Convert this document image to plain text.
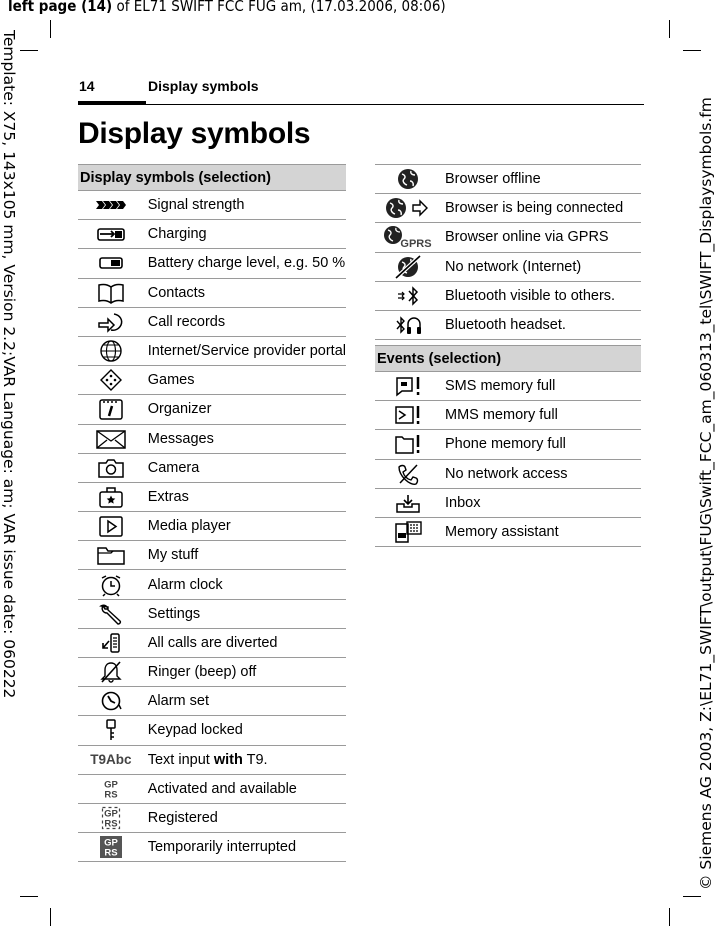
left page (14) of EL71 SWIFT FCC FUG am, (17.03.2006, 08:06)
Template: X75, 143x105 mm, Version 2.2;VAR Language: am; VAR issue date: 060222	© Siemens AG 2003, Z:\EL71_SWIFT\output\FUG\Swift_FCC_am_060313_tel\SWIFT_Displaysymbols.fm
14	Display symbols
Display symbols
Display symbols (selection)	
	Signal strength
	Charging
	Battery charge level, e.g. 50 %
	Contacts
	Call records
	Internet/Service provider portal
	Games
	Organizer
	Messages
	Camera
	Extras
	Media player
	My stuff
	Alarm clock
	Settings
	All calls are diverted
	Ringer (beep) off
	Alarm set
	Keypad locked
T9Abc	Text input with T9.

GP
RS	Activated and available

GP
RS	Registered

GP
RS	Temporarily interrupted
	Browser offline
	Browser is being connected

GPRS	Browser online via GPRS
	No network (Internet)
	Bluetooth visible to others.
	Bluetooth headset.
Events (selection)	
	SMS memory full
	MMS memory full
	Phone memory full
	No network access
	Inbox
	Memory assistant
